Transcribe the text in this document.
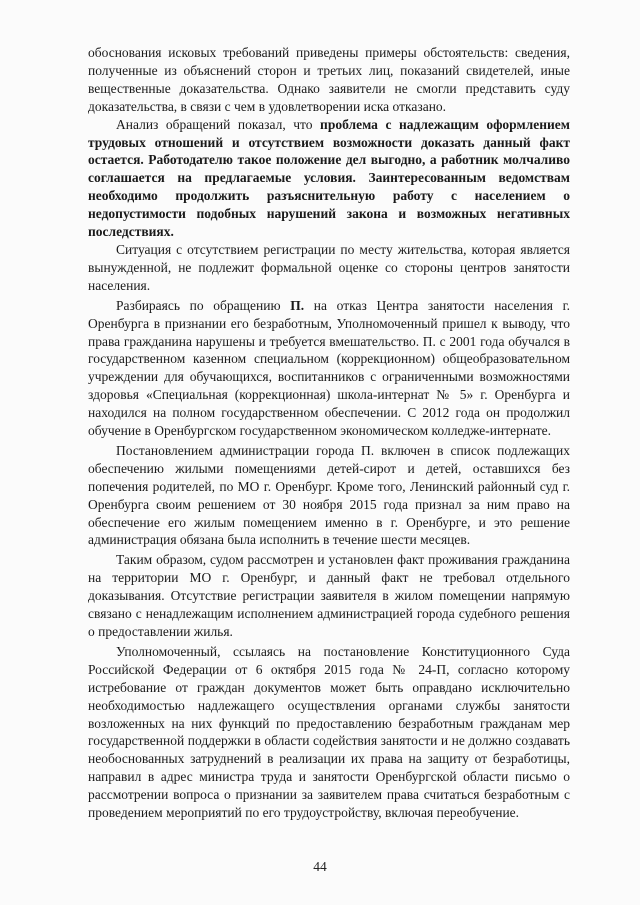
обоснования исковых требований приведены примеры обстоятельств: сведения, полученные из объяснений сторон и третьих лиц, показаний свидетелей, иные вещественные доказательства. Однако заявители не смогли представить суду доказательства, в связи с чем в удовлетворении иска отказано.

Анализ обращений показал, что проблема с надлежащим оформлением трудовых отношений и отсутствием возможности доказать данный факт остается. Работодателю такое положение дел выгодно, а работник молчаливо соглашается на предлагаемые условия. Заинтересованным ведомствам необходимо продолжить разъяснительную работу с населением о недопустимости подобных нарушений закона и возможных негативных последствиях.

Ситуация с отсутствием регистрации по месту жительства, которая является вынужденной, не подлежит формальной оценке со стороны центров занятости населения.

Разбираясь по обращению П. на отказ Центра занятости населения г. Оренбурга в признании его безработным, Уполномоченный пришел к выводу, что права гражданина нарушены и требуется вмешательство. П. с 2001 года обучался в государственном казенном специальном (коррекционном) общеобразовательном учреждении для обучающихся, воспитанников с ограниченными возможностями здоровья «Специальная (коррекционная) школа-интернат № 5» г. Оренбурга и находился на полном государственном обеспечении. С 2012 года он продолжил обучение в Оренбургском государственном экономическом колледже-интернате.

Постановлением администрации города П. включен в список подлежащих обеспечению жилыми помещениями детей-сирот и детей, оставшихся без попечения родителей, по МО г. Оренбург. Кроме того, Ленинский районный суд г. Оренбурга своим решением от 30 ноября 2015 года признал за ним право на обеспечение его жилым помещением именно в г. Оренбурге, и это решение администрация обязана была исполнить в течение шести месяцев.

Таким образом, судом рассмотрен и установлен факт проживания гражданина на территории МО г. Оренбург, и данный факт не требовал отдельного доказывания. Отсутствие регистрации заявителя в жилом помещении напрямую связано с ненадлежащим исполнением администрацией города судебного решения о предоставлении жилья.

Уполномоченный, ссылаясь на постановление Конституционного Суда Российской Федерации от 6 октября 2015 года № 24-П, согласно которому истребование от граждан документов может быть оправдано исключительно необходимостью надлежащего осуществления органами службы занятости возложенных на них функций по предоставлению безработным гражданам мер государственной поддержки в области содействия занятости и не должно создавать необоснованных затруднений в реализации их права на защиту от безработицы, направил в адрес министра труда и занятости Оренбургской области письмо о рассмотрении вопроса о признании за заявителем права считаться безработным с проведением мероприятий по его трудоустройству, включая переобучение.

44
